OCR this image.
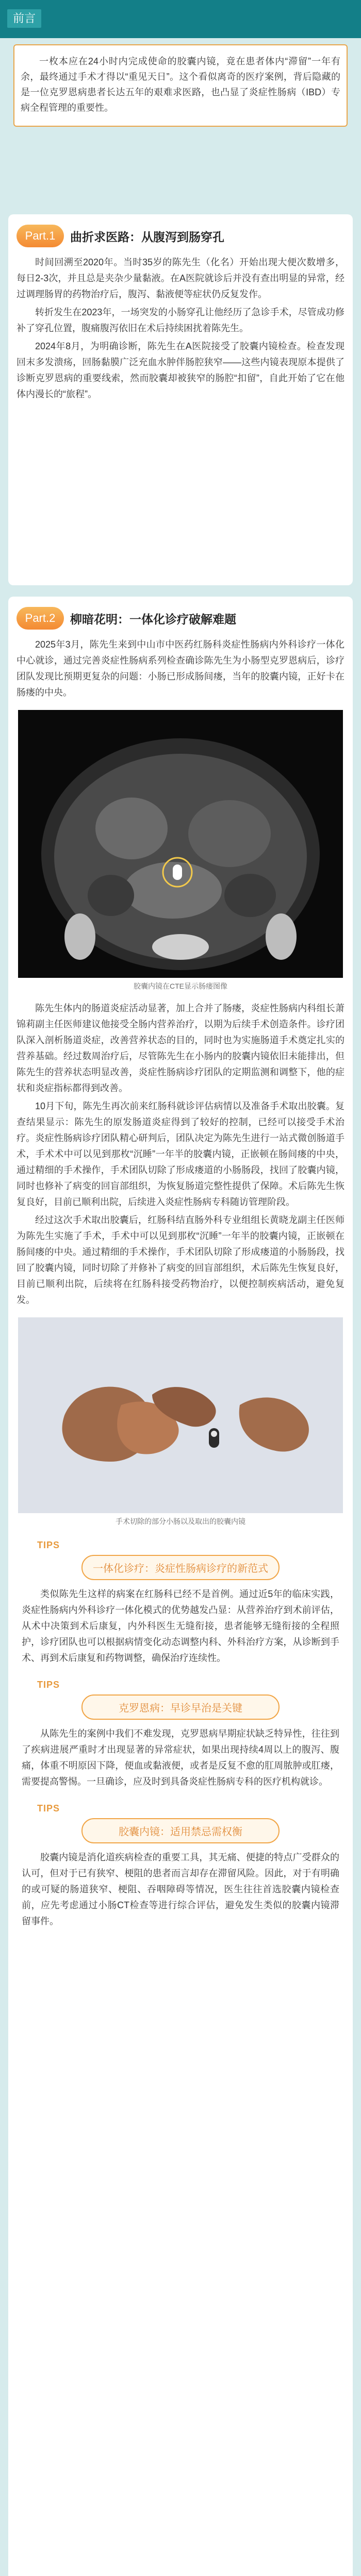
前言

一枚本应在24小时内完成使命的胶囊内镜，竟在患者体内“滞留”一年有余，最终通过手术才得以“重见天日”。这个看似离奇的医疗案例，背后隐藏的是一位克罗恩病患者长达五年的艰难求医路，也凸显了炎症性肠病（IBD）专病全程管理的重要性。

Part.1	曲折求医路：从腹泻到肠穿孔

时间回溯至2020年。当时35岁的陈先生（化名）开始出现大便次数增多，每日2-3次，并且总是夹杂少量黏液。在A医院就诊后并没有查出明显的异常，经过调理肠胃的药物治疗后，腹泻、黏液便等症状仍反复发作。

转折发生在2023年，一场突发的小肠穿孔让他经历了急诊手术，尽管成功修补了穿孔位置，腹痛腹泻依旧在术后持续困扰着陈先生。

2024年8月，为明确诊断，陈先生在A医院接受了胶囊内镜检查。检查发现回末多发溃疡，回肠黏膜广泛充血水肿伴肠腔狭窄——这些内镜表现原本提供了诊断克罗恩病的重要线索，然而胶囊却被狭窄的肠腔“扣留”，自此开始了它在他体内漫长的“旅程”。

Part.2	柳暗花明：一体化诊疗破解难题

2025年3月，陈先生来到中山市中医药红肠科炎症性肠病内外科诊疗一体化中心就诊，通过完善炎症性肠病系列检查确诊陈先生为小肠型克罗恩病后，诊疗团队发现比预期更复杂的问题：小肠已形成肠间瘘，当年的胶囊内镜，正好卡在肠瘘的中央。

胶囊内镜在CTE显示肠瘘图像

陈先生体内的肠道炎症活动显著，加上合并了肠瘘，炎症性肠病内科组长萧锦莉副主任医师建议他接受全肠内营养治疗，以期为后续手术创造条件。诊疗团队深入剖析肠道炎症，改善营养状态的目的，同时也为实施肠道手术奠定扎实的营养基础。经过数周治疗后，尽管陈先生在小肠内的胶囊内镜依旧未能排出，但陈先生的营养状态明显改善，炎症性肠病诊疗团队的定期监测和调整下，他的症状和炎症指标都得到改善。

10月下旬，陈先生再次前来红肠科就诊评估病情以及准备手术取出胶囊。复查结果显示：陈先生的原发肠道炎症得到了较好的控制，已经可以接受手术治疗。炎症性肠病诊疗团队精心研判后，团队决定为陈先生进行一站式微创肠道手术，手术术中可以见到那枚“沉睡”一年半的胶囊内镜，正嵌顿在肠间瘘的中央，通过精细的手术操作，手术团队切除了形成瘘道的小肠肠段，找回了胶囊内镜，同时也修补了病变的回盲部组织，为恢复肠道完整性提供了保障。术后陈先生恢复良好，目前已顺利出院，后续进入炎症性肠病专科随访管理阶段。

经过这次手术取出胶囊后，红肠科结直肠外科专业组组长黄晓龙副主任医师为陈先生实施了手术，手术中可以见到那枚“沉睡”一年半的胶囊内镜，正嵌顿在肠间瘘的中央。通过精细的手术操作，手术团队切除了形成瘘道的小肠肠段，找回了胶囊内镜，同时切除了并修补了病变的回盲部组织，术后陈先生恢复良好，目前已顺利出院，后续将在红肠科接受药物治疗，以便控制疾病活动，避免复发。

手术切除的部分小肠以及取出的胶囊内镜
TIPS
一体化诊疗：炎症性肠病诊疗的新范式

类似陈先生这样的病案在红肠科已经不是首例。通过近5年的临床实践，炎症性肠病内外科诊疗一体化模式的优势越发凸显：从营养治疗到术前评估，从术中决策到术后康复，内外科医生无缝衔接，患者能够无缝衔接的全程照护，诊疗团队也可以根据病情变化动态调整内科、外科治疗方案，从诊断到手术、再到术后康复和药物调整，确保治疗连续性。

TIPS
克罗恩病：早诊早治是关键

从陈先生的案例中我们不难发现，克罗恩病早期症状缺乏特异性，往往到了疾病进展严重时才出现显著的异常症状，如果出现持续4周以上的腹泻、腹痛，体重不明原因下降，便血或黏液便，或者是反复不愈的肛周脓肿或肛瘘，需要提高警惕。一旦确诊，应及时到具备炎症性肠病专科的医疗机构就诊。

TIPS
胶囊内镜：适用禁忌需权衡

胶囊内镜是消化道疾病检查的重要工具，其无痛、便捷的特点广受群众的认可，但对于已有狭窄、梗阻的患者而言却存在滞留风险。因此，对于有明确的或可疑的肠道狭窄、梗阻、吞咽障碍等情况，医生往往首选胶囊内镜检查前，应先考虑通过小肠CT检查等进行综合评估，避免发生类似的胶囊内镜滞留事件。
